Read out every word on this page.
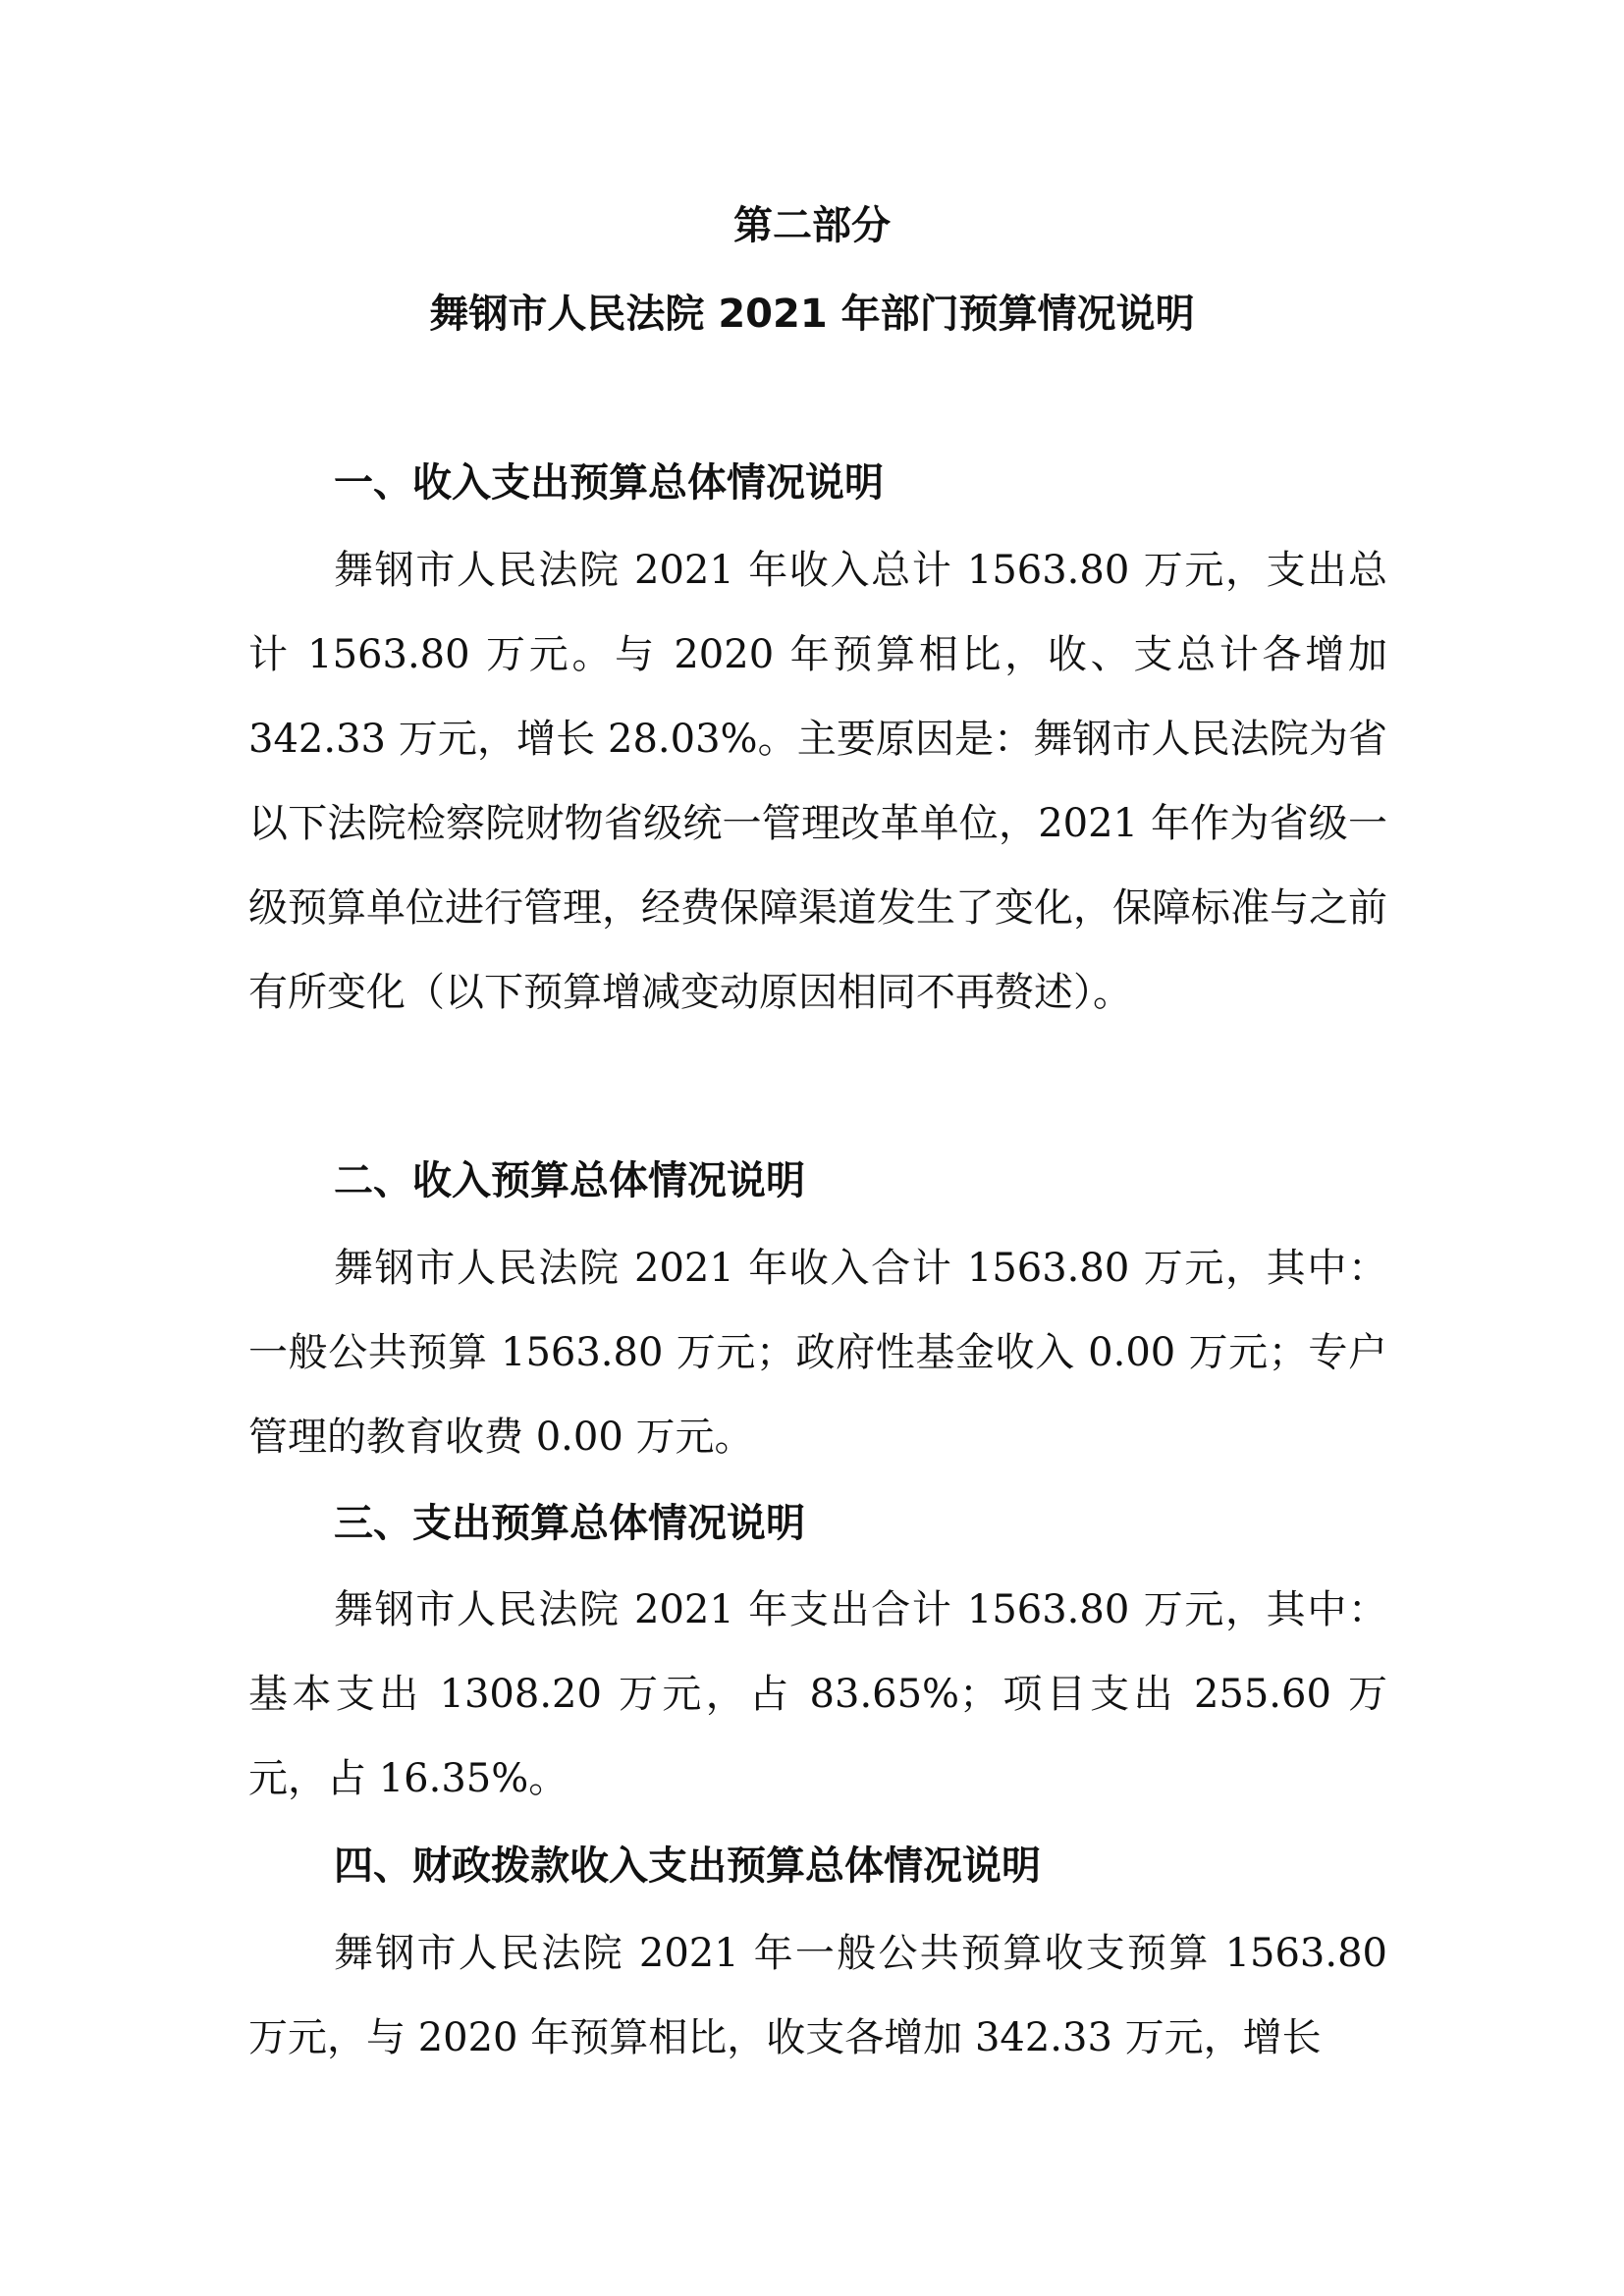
第二部分
舞钢市人民法院 2021 年部门预算情况说明
一、收入支出预算总体情况说明

舞钢市人民法院 2021 年收入总计 1563.80 万元，支出总计 1563.80 万元。与 2020 年预算相比，收、支总计各增加 342.33 万元，增长 28.03%。主要原因是：舞钢市人民法院为省以下法院检察院财物省级统一管理改革单位，2021 年作为省级一级预算单位进行管理，经费保障渠道发生了变化，保障标准与之前有所变化（以下预算增减变动原因相同不再赘述）。

二、收入预算总体情况说明

舞钢市人民法院 2021 年收入合计 1563.80 万元，其中：一般公共预算 1563.80 万元；政府性基金收入 0.00 万元；专户管理的教育收费 0.00 万元。

三、支出预算总体情况说明

舞钢市人民法院 2021 年支出合计 1563.80 万元，其中：基本支出 1308.20 万元，占 83.65%；项目支出 255.60 万元，占 16.35%。

四、财政拨款收入支出预算总体情况说明

舞钢市人民法院 2021 年一般公共预算收支预算 1563.80 万元，与 2020 年预算相比，收支各增加 342.33 万元，增长
